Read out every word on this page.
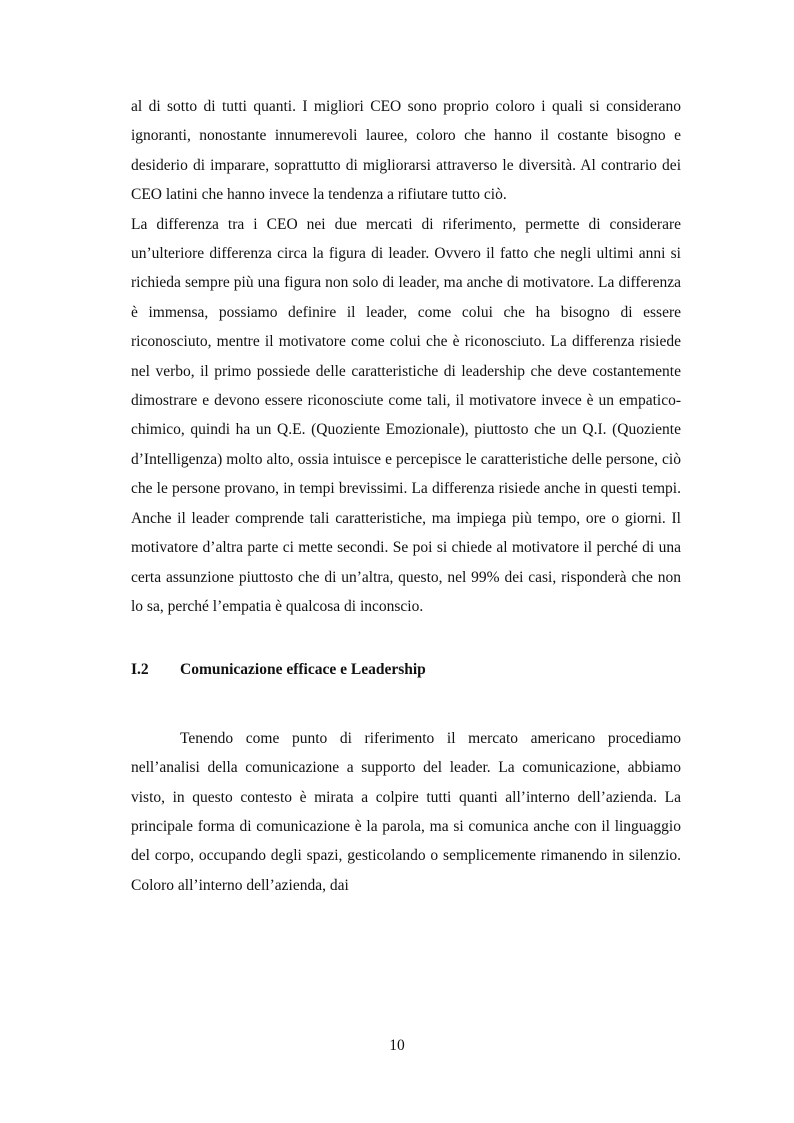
al di sotto di tutti quanti. I migliori CEO sono proprio coloro i quali si considerano ignoranti, nonostante innumerevoli lauree, coloro che hanno il costante bisogno e desiderio di imparare, soprattutto di migliorarsi attraverso le diversità. Al contrario dei CEO latini che hanno invece la tendenza a rifiutare tutto ciò.

La differenza tra i CEO nei due mercati di riferimento, permette di considerare un’ulteriore differenza circa la figura di leader. Ovvero il fatto che negli ultimi anni si richieda sempre più una figura non solo di leader, ma anche di motivatore. La differenza è immensa, possiamo definire il leader, come colui che ha bisogno di essere riconosciuto, mentre il motivatore come colui che è riconosciuto. La differenza risiede nel verbo, il primo possiede delle caratteristiche di leadership che deve costantemente dimostrare e devono essere riconosciute come tali, il motivatore invece è un empatico-chimico, quindi ha un Q.E. (Quoziente Emozionale), piuttosto che un Q.I. (Quoziente d’Intelligenza) molto alto, ossia intuisce e percepisce le caratteristiche delle persone, ciò che le persone provano, in tempi brevissimi. La differenza risiede anche in questi tempi. Anche il leader comprende tali caratteristiche, ma impiega più tempo, ore o giorni. Il motivatore d’altra parte ci mette secondi. Se poi si chiede al motivatore il perché di una certa assunzione piuttosto che di un’altra, questo, nel 99% dei casi, risponderà che non lo sa, perché l’empatia è qualcosa di inconscio.

I.2	Comunicazione efficace e Leadership

Tenendo come punto di riferimento il mercato americano procediamo nell’analisi della comunicazione a supporto del leader. La comunicazione, abbiamo visto, in questo contesto è mirata a colpire tutti quanti all’interno dell’azienda. La principale forma di comunicazione è la parola, ma si comunica anche con il linguaggio del corpo, occupando degli spazi, gesticolando o semplicemente rimanendo in silenzio. Coloro all’interno dell’azienda, dai

10
